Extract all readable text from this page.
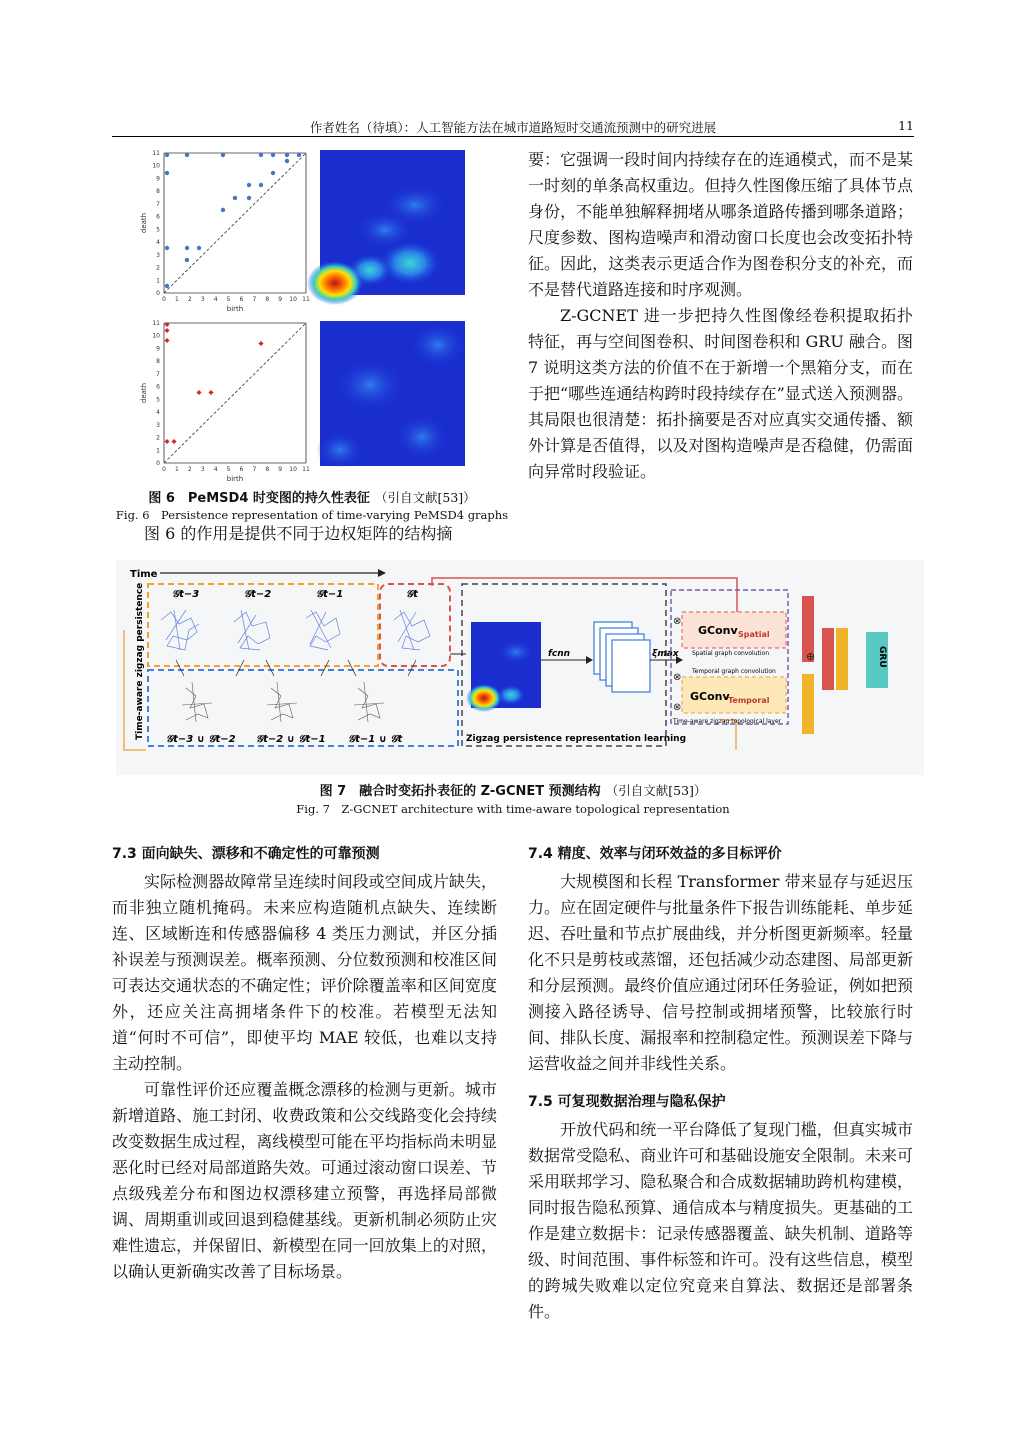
作者姓名（待填）：人工智能方法在城市道路短时交通流预测中的研究进展	11
0
0
1
1
2
2
3
3
4
4
5
5
6
6
7
7
8
8
9
9
10
10
11
11
birth
death
0
0
1
1
2
2
3
3
4
4
5
5
6
6
7
7
8
8
9
9
10
10
11
11
birth
death
图 6　PeMSD4 时变图的持久性表征 （引自文献[53]）
Fig. 6　Persistence representation of time-varying PeMSD4 graphs
图 6 的作用是提供不同于边权矩阵的结构摘

要：它强调一段时间内持续存在的连通模式，而不是某一时刻的单条高权重边。但持久性图像压缩了具体节点身份，不能单独解释拥堵从哪条道路传播到哪条道路；尺度参数、图构造噪声和滑动窗口长度也会改变拓扑特征。因此，这类表示更适合作为图卷积分支的补充，而不是替代道路连接和时序观测。

Z-GCNET 进一步把持久性图像经卷积提取拓扑特征，再与空间图卷积、时间图卷积和 GRU 融合。图 7 说明这类方法的价值不在于新增一个黑箱分支，而在于把“哪些连通结构跨时段持续存在”显式送入预测器。其局限也很清楚：拓扑摘要是否对应真实交通传播、额外计算是否值得，以及对图构造噪声是否稳健，仍需面向异常时段验证。

Time
Time-aware zigzag persistence	Zigzag persistence representation learning
𝒢t−3	𝒢t−2	𝒢t−1	𝒢t
𝒢t−3 ∪ 𝒢t−2 𝒢t−2 ∪ 𝒢t−1 𝒢t−1 ∪ 𝒢t
fcnn	ξmax
GConv Spatial
Spatial graph convolution
Temporal graph convolution
GConv
Temporal
Time-aware zigzag topological layer
⊗
⊗
⊗
⊕	GRU
图 7　融合时变拓扑表征的 Z-GCNET 预测结构 （引自文献[53]）
Fig. 7　Z-GCNET architecture with time-aware topological representation
7.3 面向缺失、漂移和不确定性的可靠预测

实际检测器故障常呈连续时间段或空间成片缺失，而非独立随机掩码。未来应构造随机点缺失、连续断连、区域断连和传感器偏移 4 类压力测试，并区分插补误差与预测误差。概率预测、分位数预测和校准区间可表达交通状态的不确定性；评价除覆盖率和区间宽度外，还应关注高拥堵条件下的校准。若模型无法知道“何时不可信”，即使平均 MAE 较低，也难以支持主动控制。

可靠性评价还应覆盖概念漂移的检测与更新。城市新增道路、施工封闭、收费政策和公交线路变化会持续改变数据生成过程，离线模型可能在平均指标尚未明显恶化时已经对局部道路失效。可通过滚动窗口误差、节点级残差分布和图边权漂移建立预警，再选择局部微调、周期重训或回退到稳健基线。更新机制必须防止灾难性遗忘，并保留旧、新模型在同一回放集上的对照，以确认更新确实改善了目标场景。

7.4 精度、效率与闭环效益的多目标评价

大规模图和长程 Transformer 带来显存与延迟压力。应在固定硬件与批量条件下报告训练能耗、单步延迟、吞吐量和节点扩展曲线，并分析图更新频率。轻量化不只是剪枝或蒸馏，还包括减少动态建图、局部更新和分层预测。最终价值应通过闭环任务验证，例如把预测接入路径诱导、信号控制或拥堵预警，比较旅行时间、排队长度、漏报率和控制稳定性。预测误差下降与运营收益之间并非线性关系。

7.5 可复现数据治理与隐私保护

开放代码和统一平台降低了复现门槛，但真实城市数据常受隐私、商业许可和基础设施安全限制。未来可采用联邦学习、隐私聚合和合成数据辅助跨机构建模，同时报告隐私预算、通信成本与精度损失。更基础的工作是建立数据卡：记录传感器覆盖、缺失机制、道路等级、时间范围、事件标签和许可。没有这些信息，模型的跨城失败难以定位究竟来自算法、数据还是部署条件。
